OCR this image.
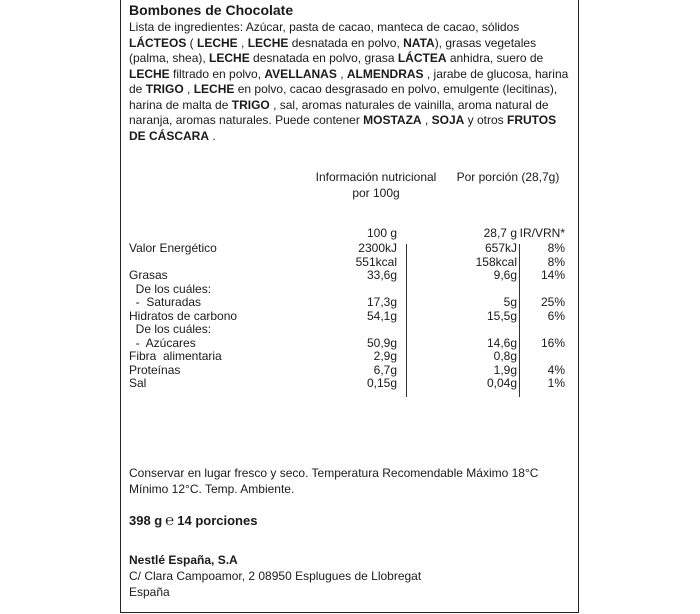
Bombones de Chocolate
Lista de ingredientes: Azúcar, pasta de cacao, manteca de cacao, sólidos LÁCTEOS ( LECHE , LECHE desnatada en polvo, NATA), grasas vegetales (palma, shea), LECHE desnatada en polvo, grasa LÁCTEA anhidra, suero de LECHE filtrado en polvo, AVELLANAS , ALMENDRAS , jarabe de glucosa, harina de TRIGO , LECHE en polvo, cacao desgrasado en polvo, emulgente (lecitinas), harina de malta de TRIGO , sal, aromas naturales de vainilla, aroma natural de naranja, aromas naturales. Puede contener MOSTAZA , SOJA y otros FRUTOS DE CÁSCARA .
Información nutricional por 100g
Por porción (28,7g)
100 g	28,7 g IR/VRN*
Valor Energético	2300kJ	657kJ	8%
551kcal	158kcal	8%
Grasas	33,6g	9,6g 14%
De los cuáles:
-  Saturadas	17,3g	5g 25%
Hidratos de carbono	54,1g	15,5g	6%
De los cuáles:
-  Azúcares	50,9g	14,6g 16%
Fibra  alimentaria	2,9g	0,8g
Proteínas	6,7g	1,9g	4%
Sal	0,15g	0,04g	1%
Conservar en lugar fresco y seco. Temperatura Recomendable Máximo 18°C Mínimo 12°C. Temp. Ambiente.
398 g ℮ 14 porciones
Nestlé España, S.A
C/ Clara Campoamor, 2 08950 Esplugues de Llobregat
España
